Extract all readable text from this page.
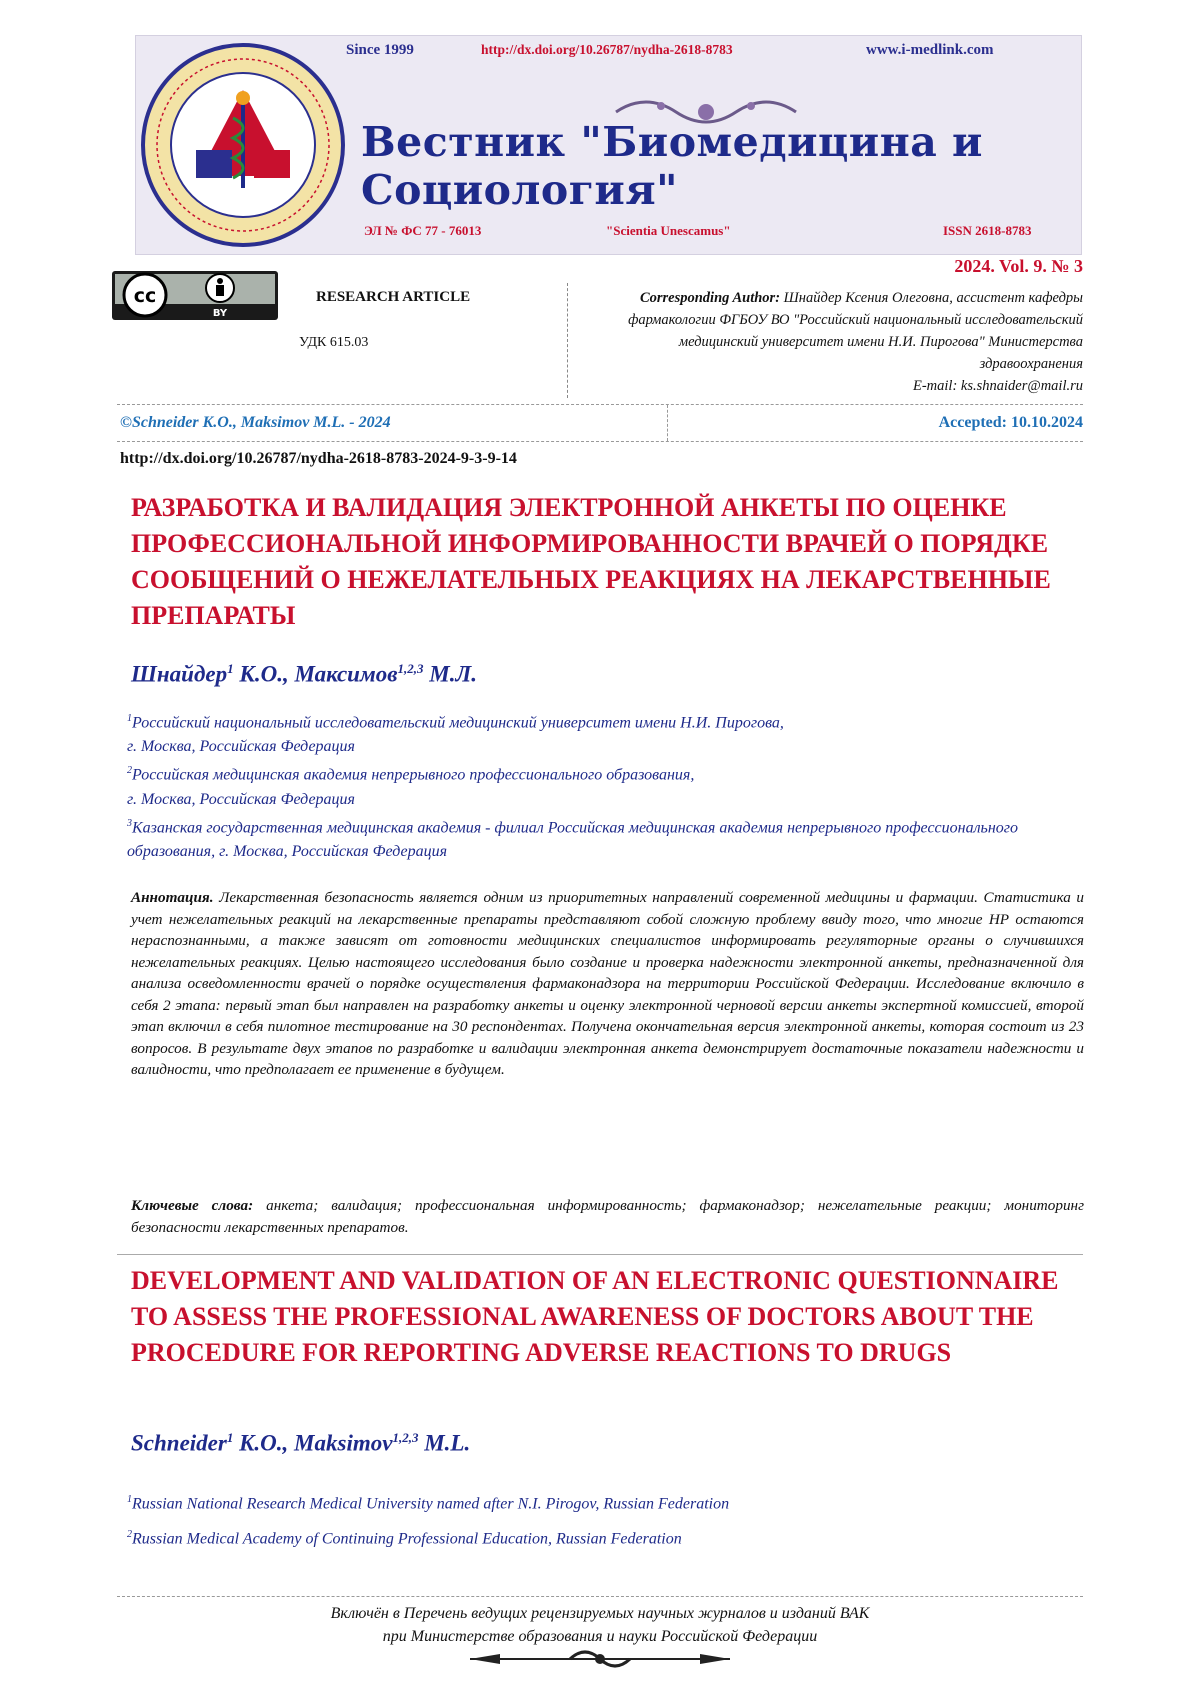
Since 1999	http://dx.doi.org/10.26787/nydha-2618-8783	www.i-medlink.com
Вестник "Биомедицина и Социология"
ЭЛ № ФС 77 - 76013	"Scientia Unescamus"	ISSN 2618-8783
cc
BY
2024. Vol. 9. № 3
RESEARCH ARTICLE
УДК 615.03
Corresponding Author: Шнайдер Ксения Олеговна, ассистент кафедры фармакологии ФГБОУ ВО "Российский национальный исследовательский медицинский университет имени Н.И. Пирогова" Министерства здравоохранения
E-mail: ks.shnaider@mail.ru
©Schneider K.O., Maksimov M.L. - 2024	Accepted: 10.10.2024
http://dx.doi.org/10.26787/nydha-2618-8783-2024-9-3-9-14
РАЗРАБОТКА И ВАЛИДАЦИЯ ЭЛЕКТРОННОЙ АНКЕТЫ ПО ОЦЕНКЕ ПРОФЕССИОНАЛЬНОЙ ИНФОРМИРОВАННОСТИ ВРАЧЕЙ О ПОРЯДКЕ СООБЩЕНИЙ О НЕЖЕЛАТЕЛЬНЫХ РЕАКЦИЯХ НА ЛЕКАРСТВЕННЫЕ ПРЕПАРАТЫ
Шнайдер$^1$ К.О., Максимов$^{1,2,3}$ М.Л.
$^1$Российский национальный исследовательский медицинский университет имени Н.И. Пирогова,
г. Москва, Российская Федерация
$^2$Российская медицинская академия непрерывного профессионального образования,
г. Москва, Российская Федерация
$^3$Казанская государственная медицинская академия - филиал Российская медицинская академия непрерывного профессионального образования, г. Москва, Российская Федерация
Аннотация. Лекарственная безопасность является одним из приоритетных направлений современной медицины и фармации. Статистика и учет нежелательных реакций на лекарственные препараты представляют собой сложную проблему ввиду того, что многие НР остаются нераспознанными, а также зависят от готовности медицинских специалистов информировать регуляторные органы о случившихся нежелательных реакциях. Целью настоящего исследования было создание и проверка надежности электронной анкеты, предназначенной для анализа осведомленности врачей о порядке осуществления фармаконадзора на территории Российской Федерации. Исследование включило в себя 2 этапа: первый этап был направлен на разработку анкеты и оценку электронной черновой версии анкеты экспертной комиссией, второй этап включил в себя пилотное тестирование на 30 респондентах. Получена окончательная версия электронной анкеты, которая состоит из 23 вопросов. В результате двух этапов по разработке и валидации электронная анкета демонстрирует достаточные показатели надежности и валидности, что предполагает ее применение в будущем.
Ключевые слова: анкета; валидация; профессиональная информированность; фармаконадзор; нежелательные реакции; мониторинг безопасности лекарственных препаратов.
DEVELOPMENT AND VALIDATION OF AN ELECTRONIC QUESTIONNAIRE TO ASSESS THE PROFESSIONAL AWARENESS OF DOCTORS ABOUT THE PROCEDURE FOR REPORTING ADVERSE REACTIONS TO DRUGS
Schneider$^1$ K.O., Maksimov$^{1,2,3}$ M.L.
$^1$Russian National Research Medical University named after N.I. Pirogov, Russian Federation
$^2$Russian Medical Academy of Continuing Professional Education, Russian Federation
Включён в Перечень ведущих рецензируемых научных журналов и изданий ВАК
при Министерстве образования и науки Российской Федерации
